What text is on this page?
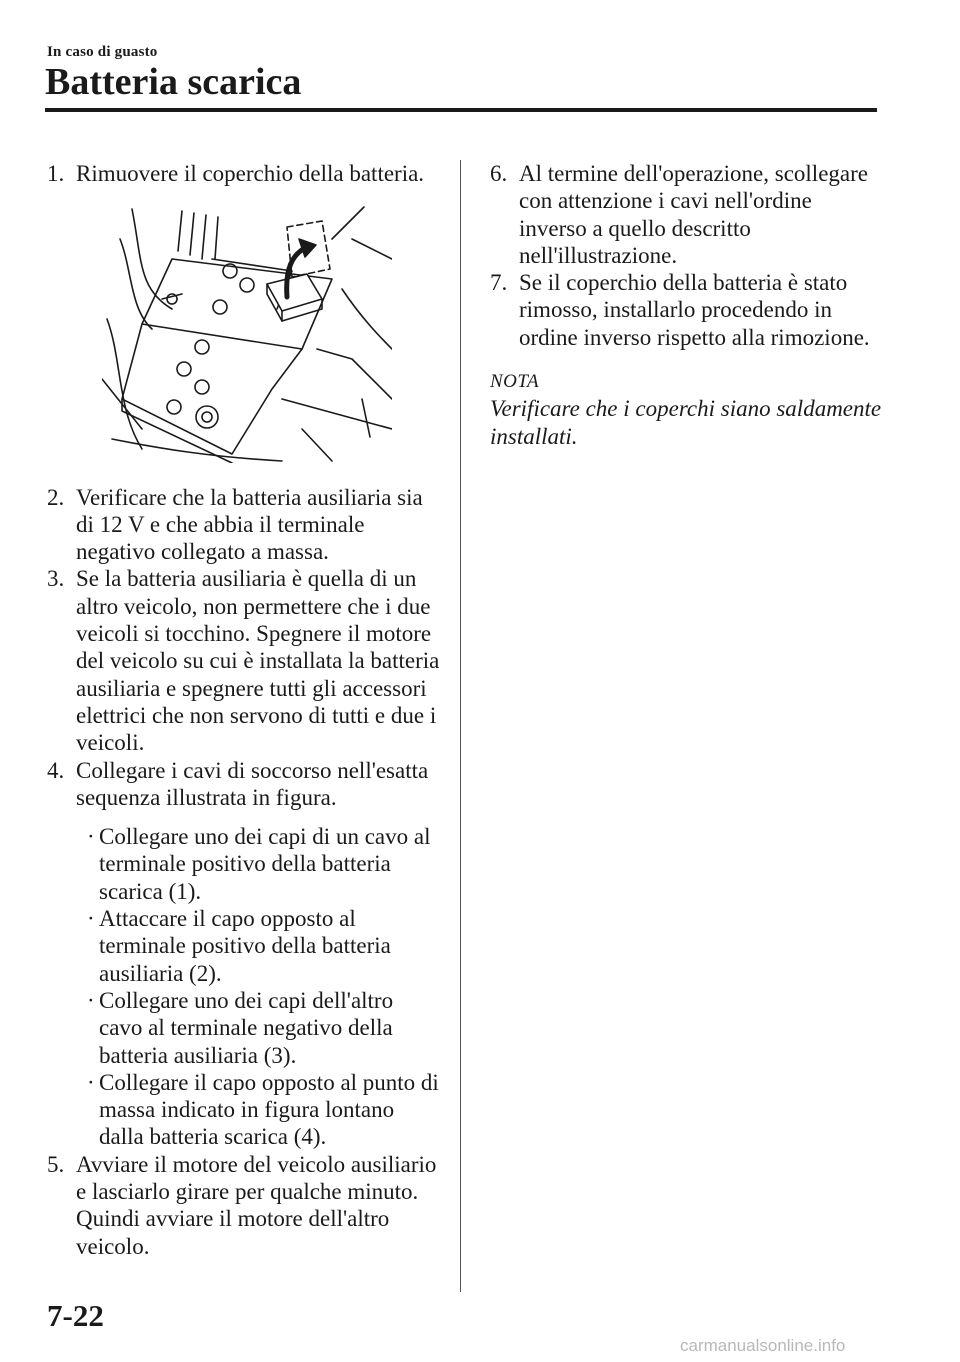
In caso di guasto
Batteria scarica

1. Rimuovere il coperchio della batteria.

2. Verificare che la batteria ausiliaria sia di 12 V e che abbia il terminale negativo collegato a massa.

3. Se la batteria ausiliaria è quella di un altro veicolo, non permettere che i due veicoli si tocchino. Spegnere il motore del veicolo su cui è installata la batteria ausiliaria e spegnere tutti gli accessori elettrici che non servono di tutti e due i veicoli.

4. Collegare i cavi di soccorso nell'esatta sequenza illustrata in figura.

· Collegare uno dei capi di un cavo al terminale positivo della batteria scarica (1).

· Attaccare il capo opposto al terminale positivo della batteria ausiliaria (2).

· Collegare uno dei capi dell'altro cavo al terminale negativo della batteria ausiliaria (3).

· Collegare il capo opposto al punto di massa indicato in figura lontano dalla batteria scarica (4).

5. Avviare il motore del veicolo ausiliario e lasciarlo girare per qualche minuto. Quindi avviare il motore dell'altro veicolo.

6. Al termine dell'operazione, scollegare con attenzione i cavi nell'ordine inverso a quello descritto nell'illustrazione.

7. Se il coperchio della batteria è stato rimosso, installarlo procedendo in ordine inverso rispetto alla rimozione.

NOTA

Verificare che i coperchi siano saldamente installati.

7-22
carmanualsonline.info
